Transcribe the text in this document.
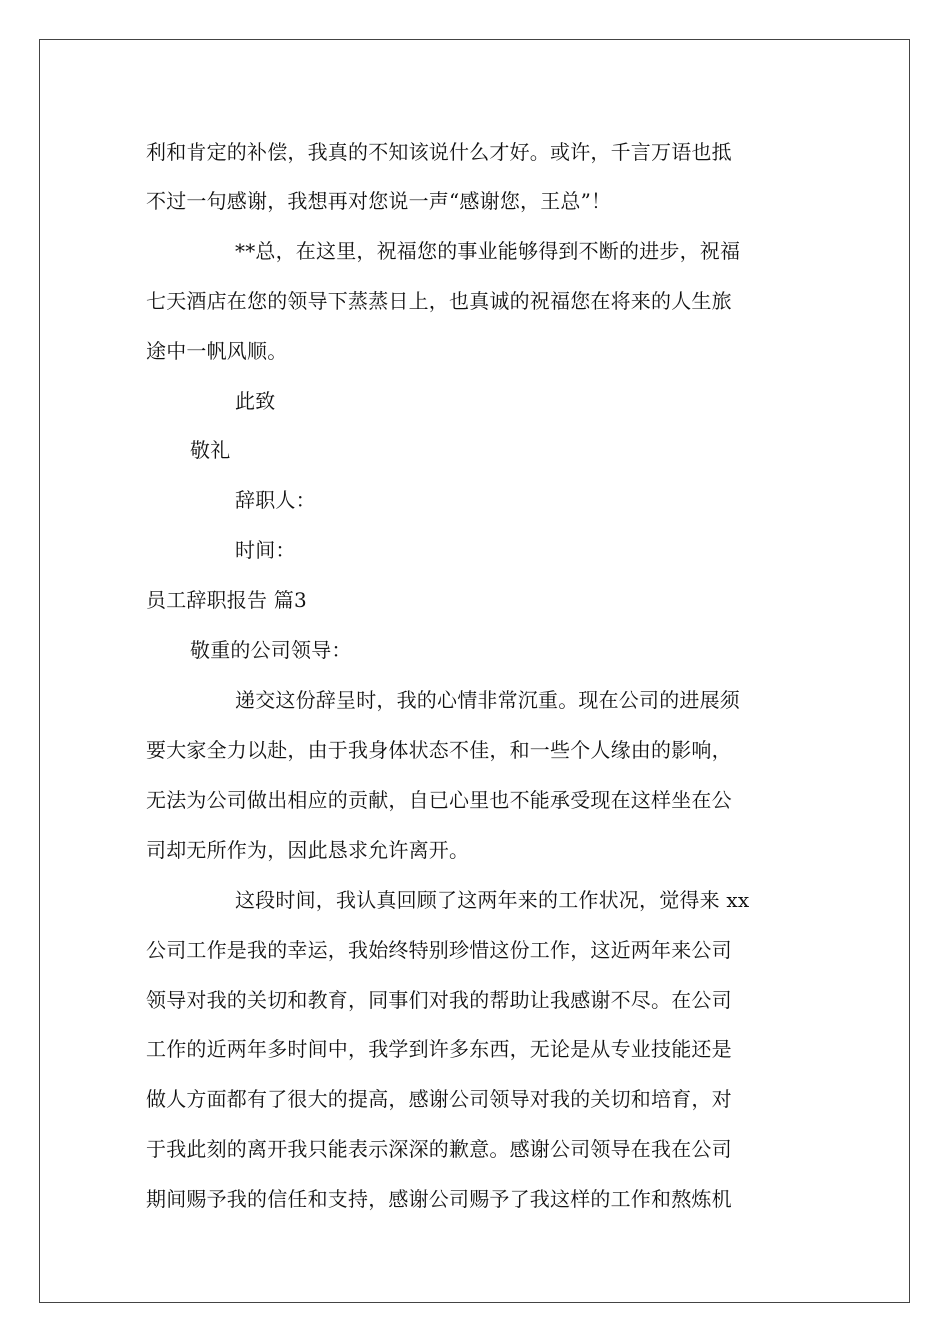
利和肯定的补偿，我真的不知该说什么才好。或许，千言万语也抵
不过一句感谢，我想再对您说一声“感谢您，王总”！
**总，在这里，祝福您的事业能够得到不断的进步，祝福
七天酒店在您的领导下蒸蒸日上，也真诚的祝福您在将来的人生旅
途中一帆风顺。
此致
敬礼
辞职人：
时间：
员工辞职报告 篇3
敬重的公司领导：
递交这份辞呈时，我的心情非常沉重。现在公司的进展须
要大家全力以赴，由于我身体状态不佳，和一些个人缘由的影响，
无法为公司做出相应的贡献，自已心里也不能承受现在这样坐在公
司却无所作为，因此恳求允许离开。
这段时间，我认真回顾了这两年来的工作状况，觉得来 xx
公司工作是我的幸运，我始终特别珍惜这份工作，这近两年来公司
领导对我的关切和教育，同事们对我的帮助让我感谢不尽。在公司
工作的近两年多时间中，我学到许多东西，无论是从专业技能还是
做人方面都有了很大的提高，感谢公司领导对我的关切和培育，对
于我此刻的离开我只能表示深深的歉意。感谢公司领导在我在公司
期间赐予我的信任和支持，感谢公司赐予了我这样的工作和熬炼机
